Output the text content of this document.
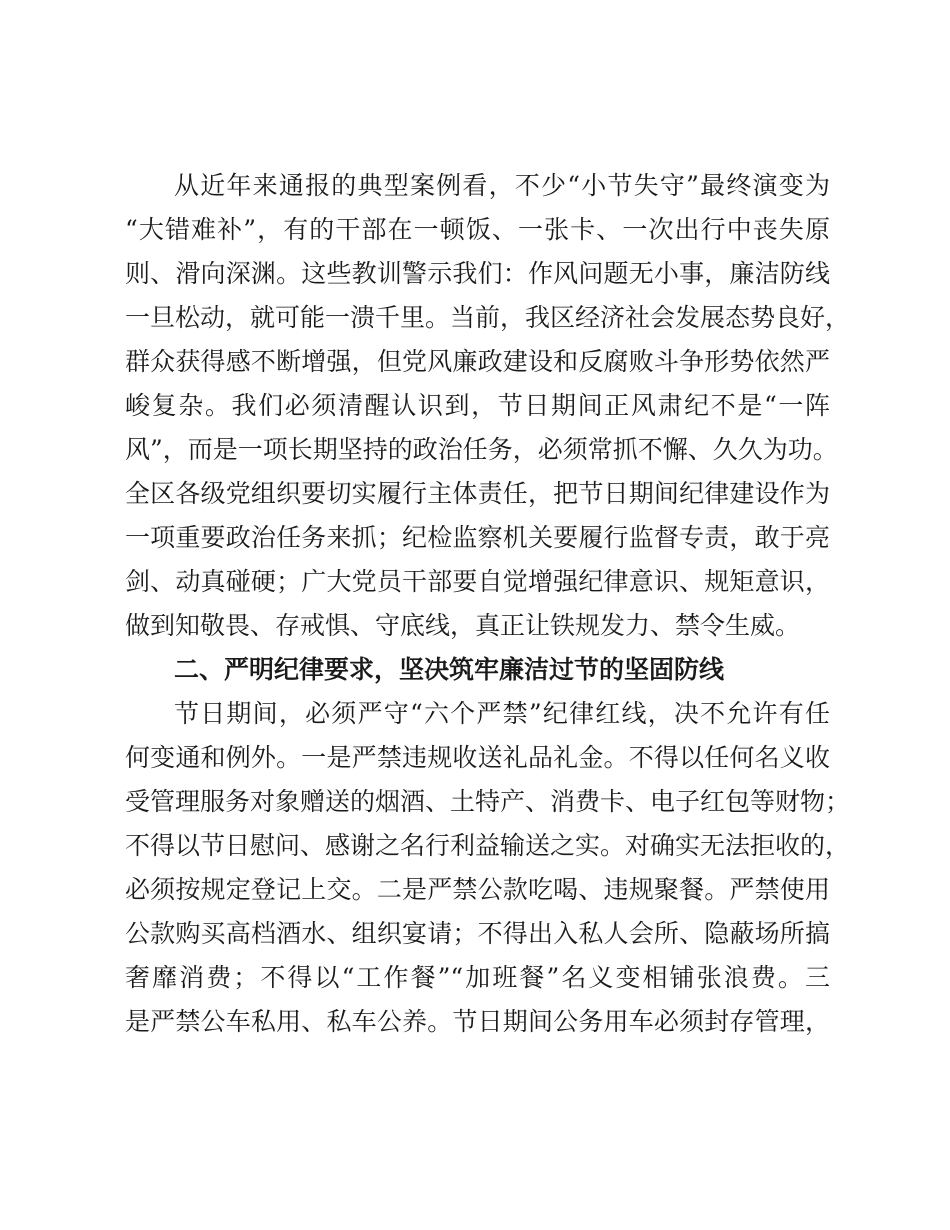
从近年来通报的典型案例看，不少“小节失守”最终演变为
“大错难补”，有的干部在一顿饭、一张卡、一次出行中丧失原
则、滑向深渊。这些教训警示我们：作风问题无小事，廉洁防线
一旦松动，就可能一溃千里。当前，我区经济社会发展态势良好，
群众获得感不断增强，但党风廉政建设和反腐败斗争形势依然严
峻复杂。我们必须清醒认识到，节日期间正风肃纪不是“一阵
风”，而是一项长期坚持的政治任务，必须常抓不懈、久久为功。
全区各级党组织要切实履行主体责任，把节日期间纪律建设作为
一项重要政治任务来抓；纪检监察机关要履行监督专责，敢于亮
剑、动真碰硬；广大党员干部要自觉增强纪律意识、规矩意识，
做到知敬畏、存戒惧、守底线，真正让铁规发力、禁令生威。
二、严明纪律要求，坚决筑牢廉洁过节的坚固防线
节日期间，必须严守“六个严禁”纪律红线，决不允许有任
何变通和例外。一是严禁违规收送礼品礼金。不得以任何名义收
受管理服务对象赠送的烟酒、土特产、消费卡、电子红包等财物；
不得以节日慰问、感谢之名行利益输送之实。对确实无法拒收的，
必须按规定登记上交。二是严禁公款吃喝、违规聚餐。严禁使用
公款购买高档酒水、组织宴请；不得出入私人会所、隐蔽场所搞
奢靡消费；不得以“工作餐”“加班餐”名义变相铺张浪费。三
是严禁公车私用、私车公养。节日期间公务用车必须封存管理，
